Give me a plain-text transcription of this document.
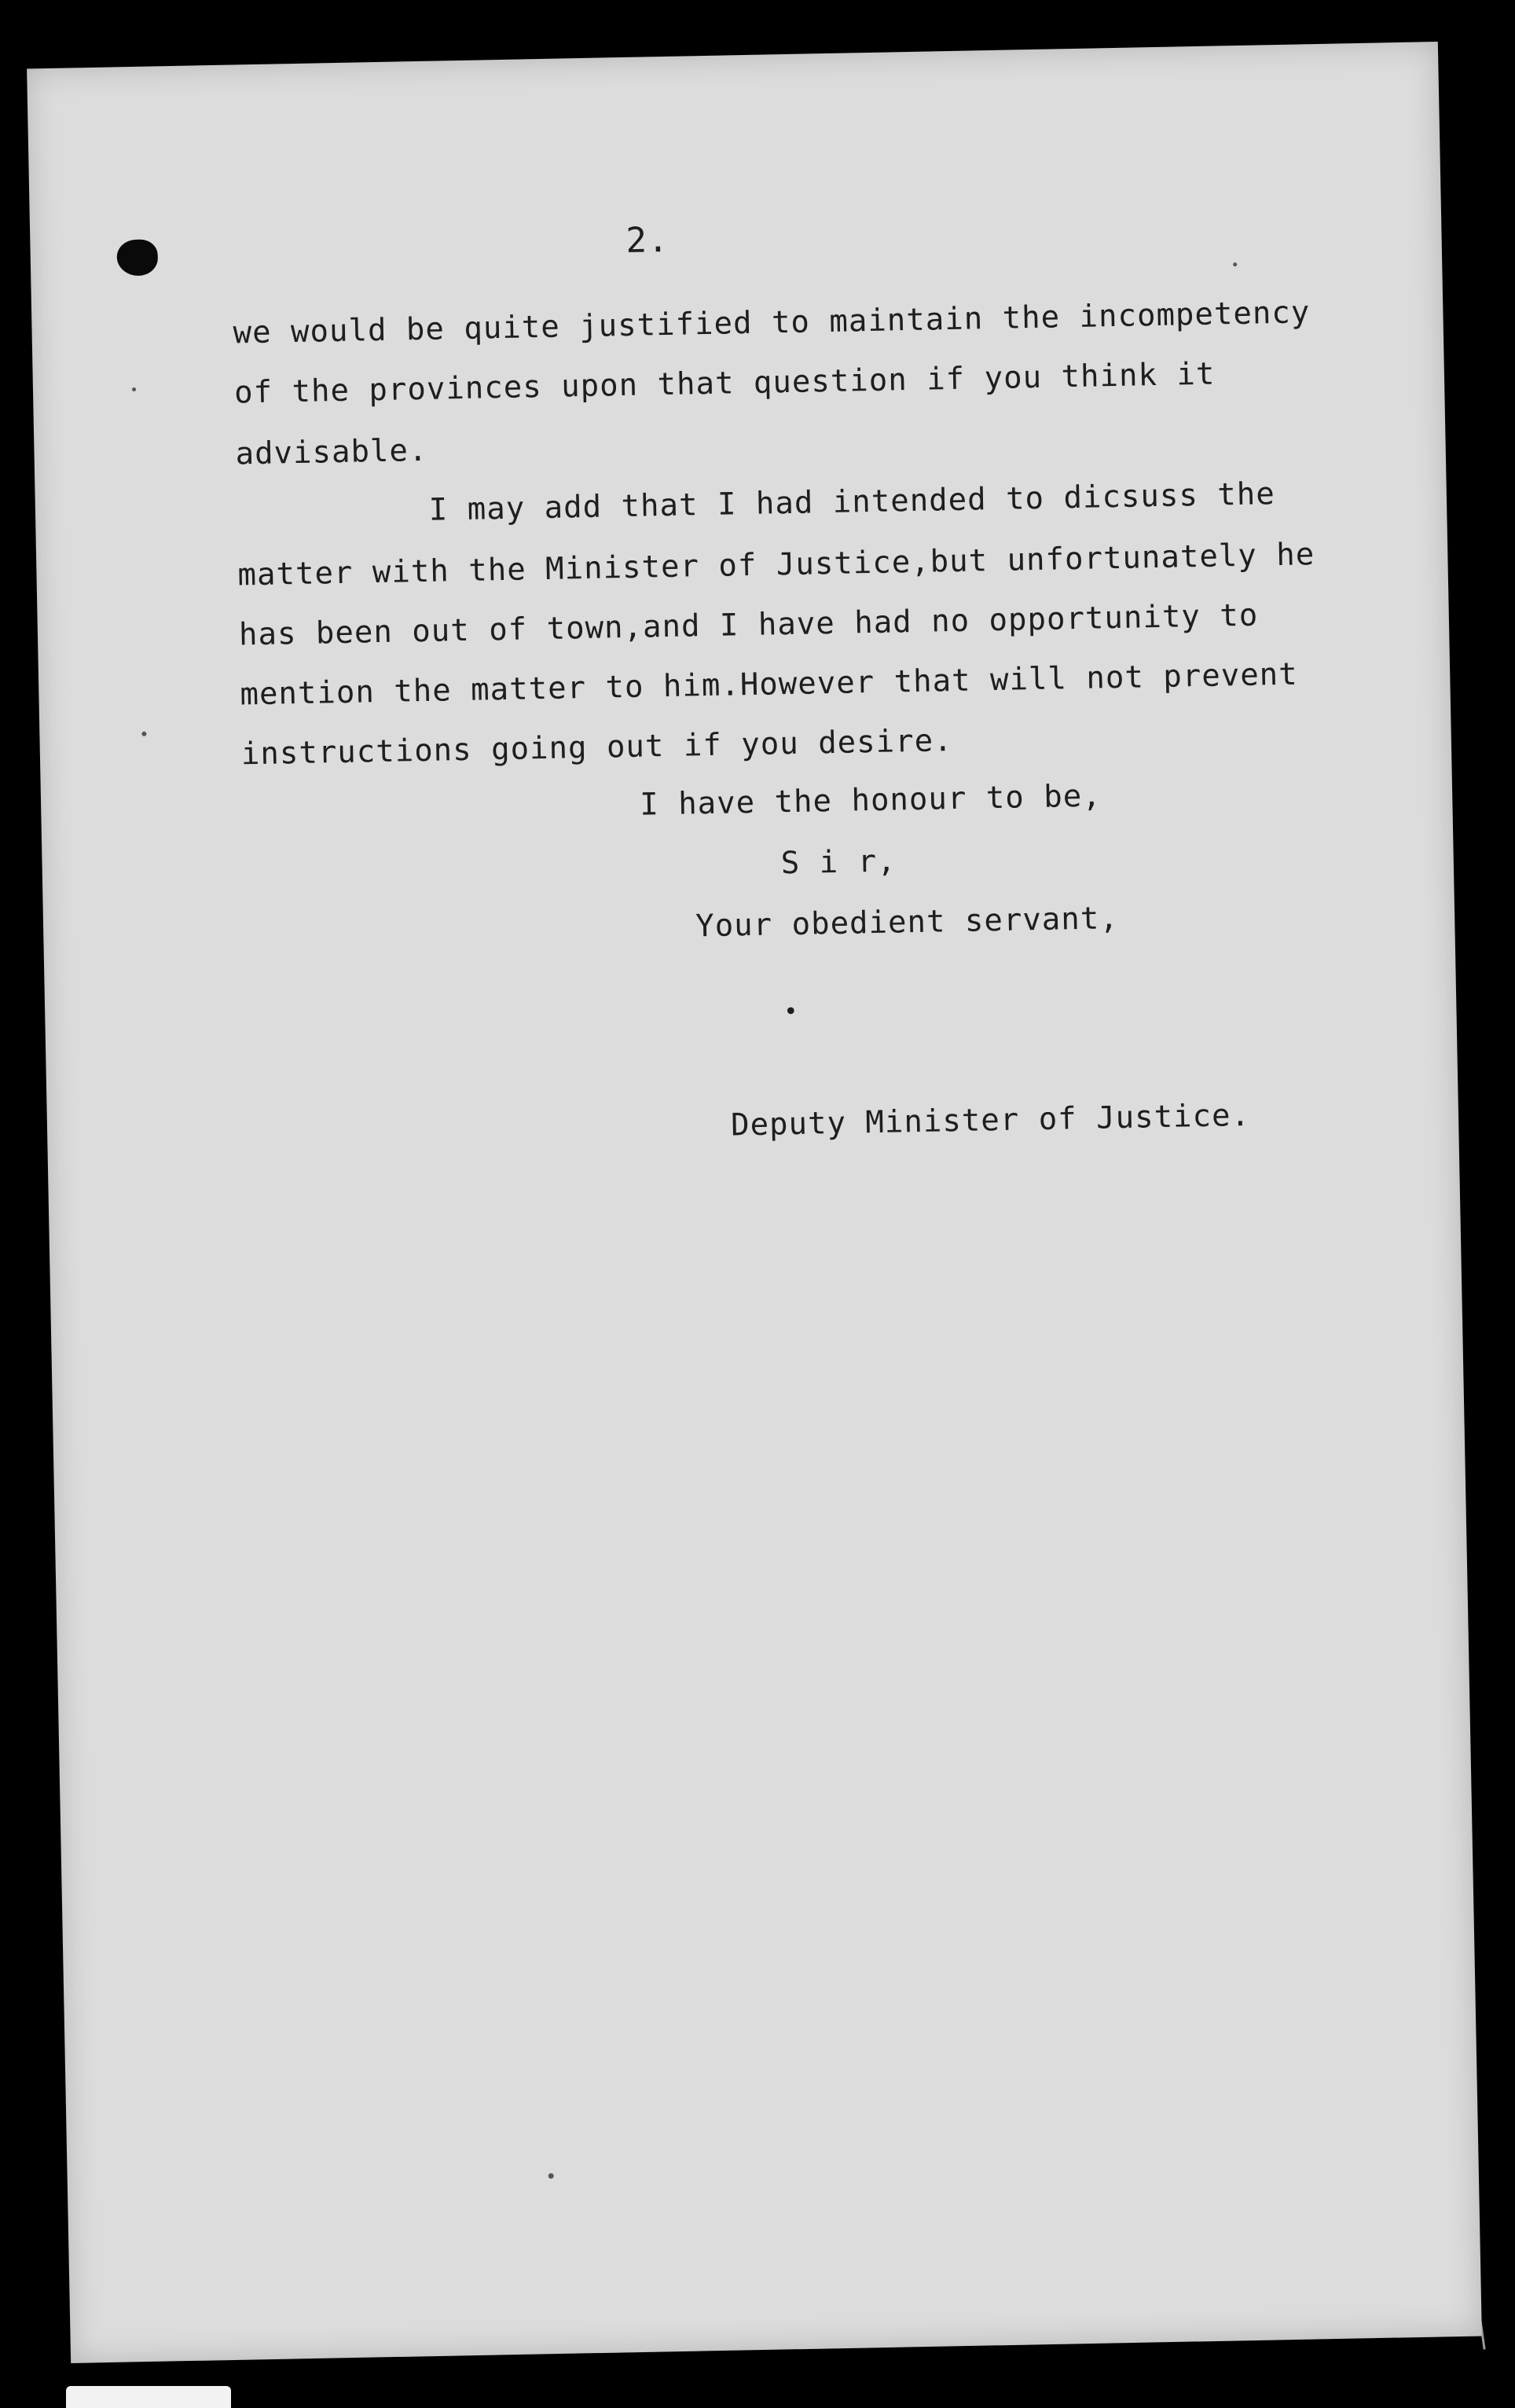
2.
we would be quite justified to maintain the incompetency
of the provinces upon that question if you think it
advisable.
I may add that I had intended to dicsuss the
matter with the Minister of Justice,but unfortunately he
has been out of town,and I have had no opportunity to
mention the matter to him.However that will not prevent
instructions going out if you desire.
I have the honour to be,
S i r,
Your obedient servant,
•
Deputy Minister of Justice.
